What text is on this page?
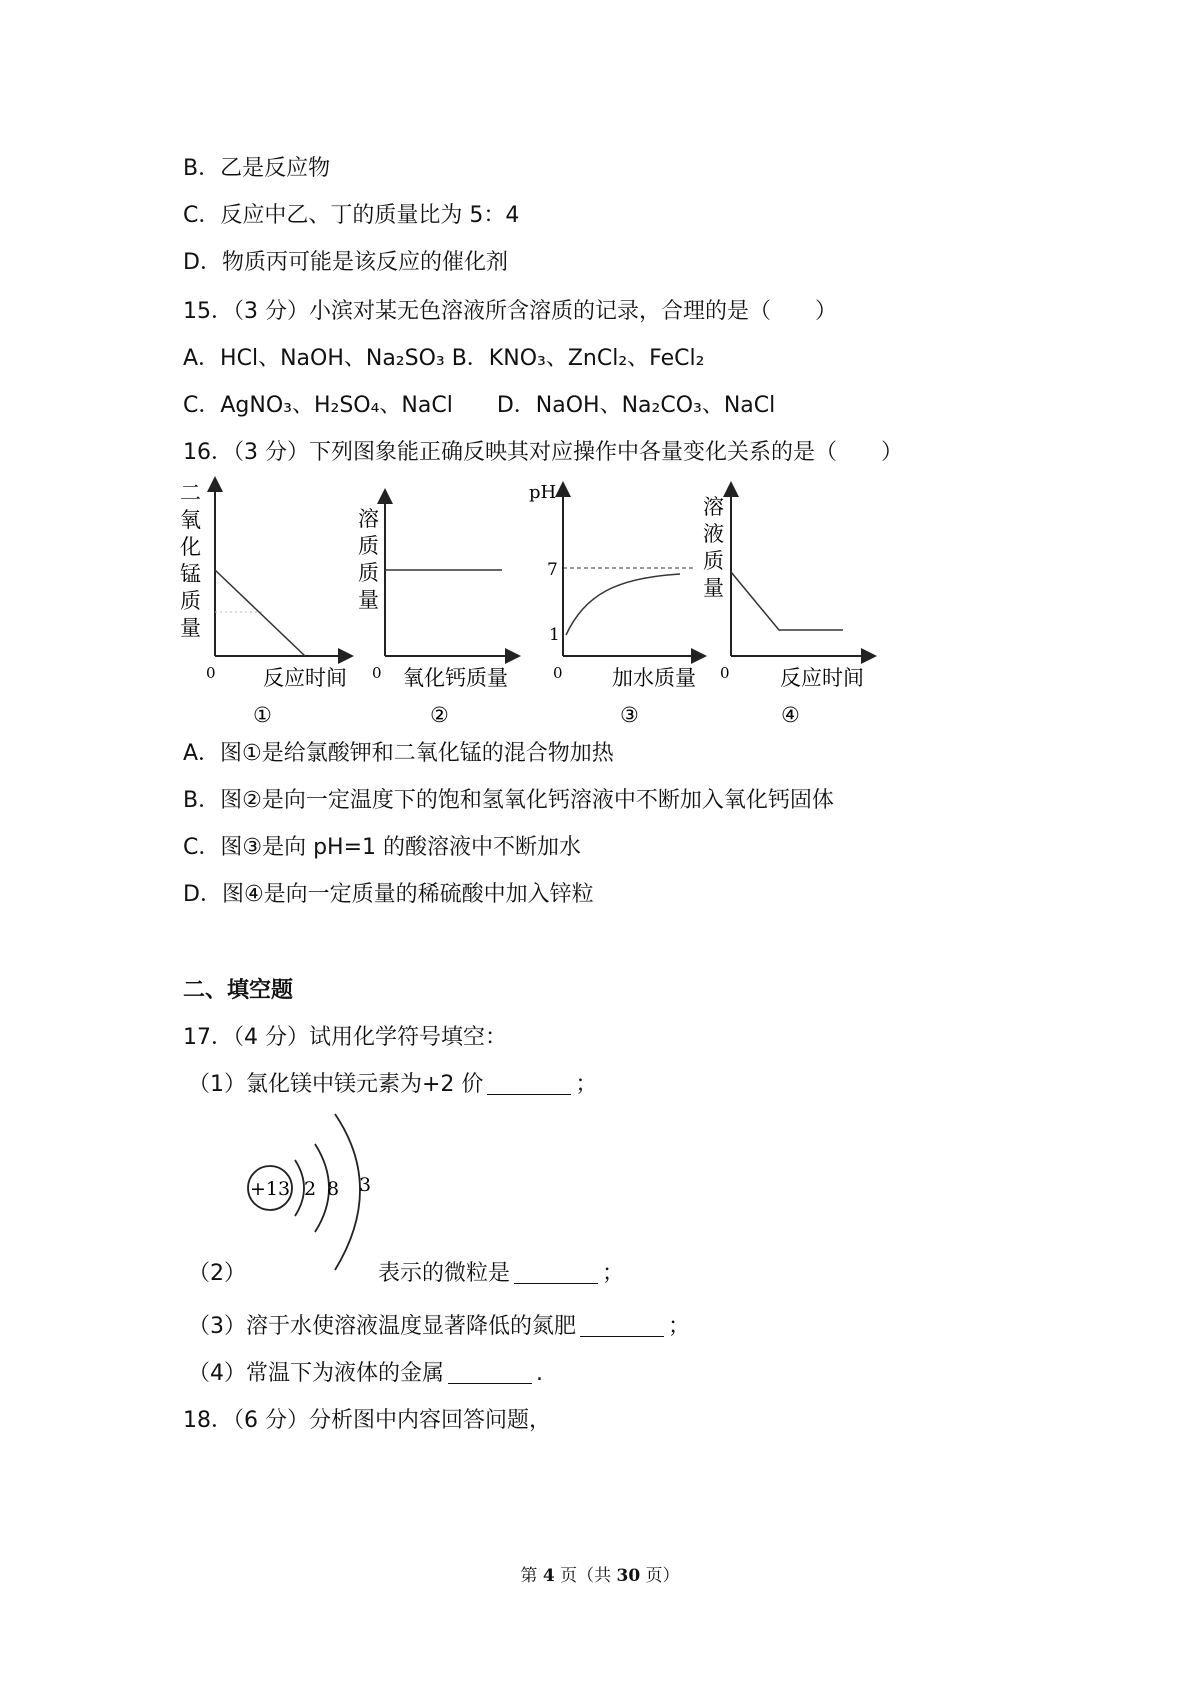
B．乙是反应物
C．反应中乙、丁的质量比为 5：4
D．物质丙可能是该反应的催化剂
15．（3 分）小滨对某无色溶液所含溶质的记录，合理的是（　　）
A．HCl、NaOH、Na₂SO₃ B．KNO₃、ZnCl₂、FeCl₂
C．AgNO₃、H₂SO₄、NaCl　　D．NaOH、Na₂CO₃、NaCl
16．（3 分）下列图象能正确反映其对应操作中各量变化关系的是（　　）
二
氧
化
锰
质
量
0 反应时间
①
溶
质
质
量
0 氧化钙质量
②
pH
7
1
0 加水质量
③
溶
液
质
量
0 反应时间
④
A．图①是给氯酸钾和二氧化锰的混合物加热
B．图②是向一定温度下的饱和氢氧化钙溶液中不断加入氧化钙固体
C．图③是向 pH=1 的酸溶液中不断加水
D．图④是向一定质量的稀硫酸中加入锌粒
二、填空题
17．（4 分）试用化学符号填空：
（1）氯化镁中镁元素为+2 价	；
+13 2 8 3
（2）	表示的微粒是	；
（3）溶于水使溶液温度显著降低的氮肥	；
（4）常温下为液体的金属	.
18．（6 分）分析图中内容回答问题，
第 4 页（共 30 页）
